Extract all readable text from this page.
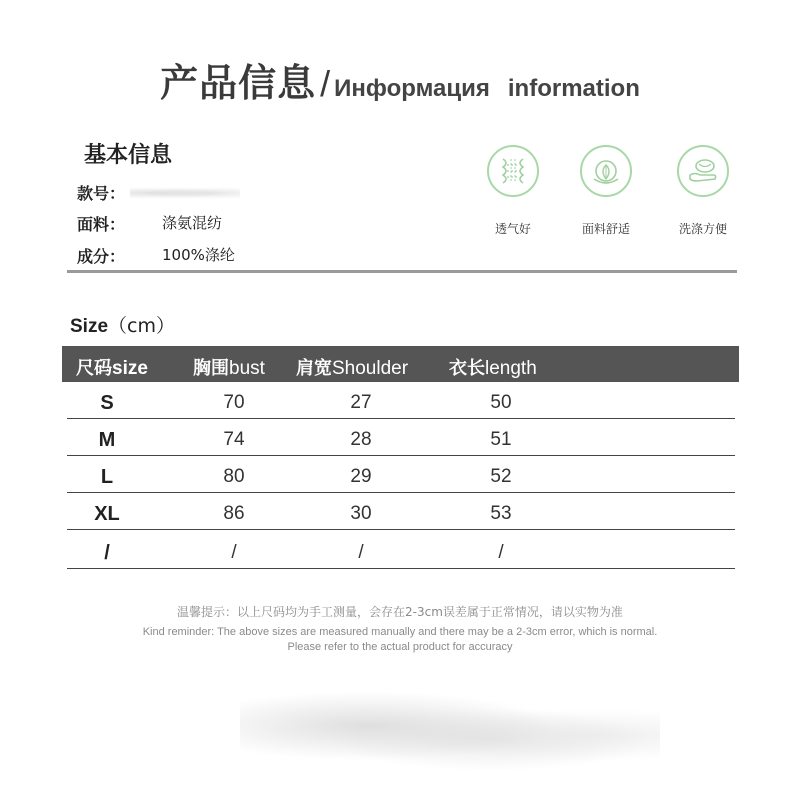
产品信息 / Информация information
基本信息
款号：
面料： 涤氨混纺
成分： 100%涤纶
透气好	面料舒适	洗涤方便
Size（cm）
尺码size	胸围bust 肩宽Shoulder 衣长length
S	70	27	50
M	74	28	51
L	80	29	52
XL	86	30	53
/	/	/	/
温馨提示：以上尺码均为手工测量，会存在2-3cm误差属于正常情况，请以实物为准
Kind reminder: The above sizes are measured manually and there may be a 2-3cm error, which is normal.
Please refer to the actual product for accuracy
